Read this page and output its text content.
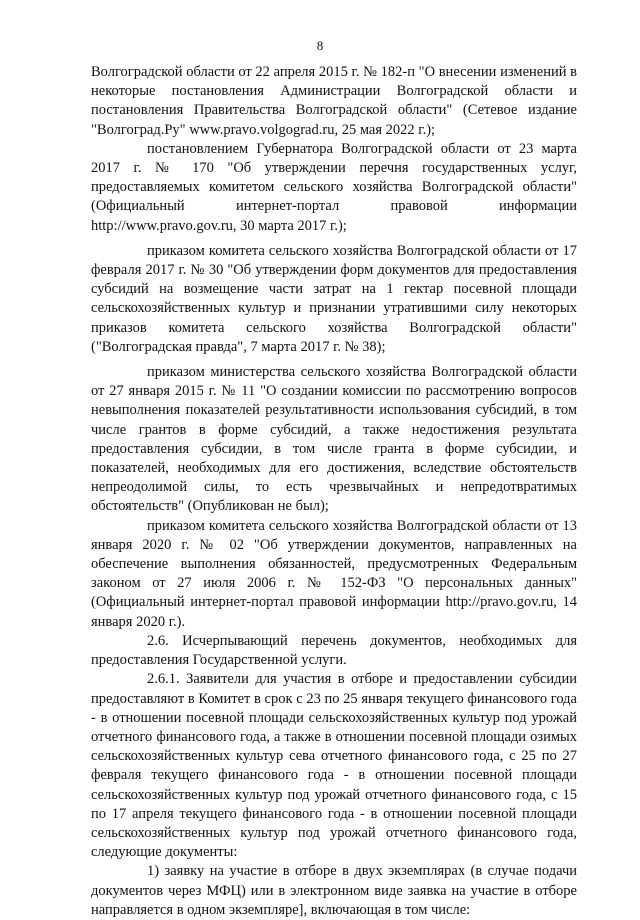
8

Волгоградской области от 22 апреля 2015 г. № 182-п "О внесении изменений в некоторые постановления Администрации Волгоградской области и постановления Правительства Волгоградской области" (Сетевое издание "Волгоград.Ру" www.pravo.volgograd.ru, 25 мая 2022 г.);

постановлением Губернатора Волгоградской области от 23 марта 2017 г. № 170 "Об утверждении перечня государственных услуг, предоставляемых комитетом сельского хозяйства Волгоградской области" (Официальный интернет-портал правовой информации http://www.pravo.gov.ru, 30 марта 2017 г.);

приказом комитета сельского хозяйства Волгоградской области от 17 февраля 2017 г. № 30 "Об утверждении форм документов для предоставления субсидий на возмещение части затрат на 1 гектар посевной площади сельскохозяйственных культур и признании утратившими силу некоторых приказов комитета сельского хозяйства Волгоградской области" ("Волгоградская правда", 7 марта 2017 г. № 38);

приказом министерства сельского хозяйства Волгоградской области от 27 января 2015 г. № 11 "О создании комиссии по рассмотрению вопросов невыполнения показателей результативности использования субсидий, в том числе грантов в форме субсидий, а также недостижения результата предоставления субсидии, в том числе гранта в форме субсидии, и показателей, необходимых для его достижения, вследствие обстоятельств непреодолимой силы, то есть чрезвычайных и непредотвратимых обстоятельств" (Опубликован не был);

приказом комитета сельского хозяйства Волгоградской области от 13 января 2020 г. № 02 "Об утверждении документов, направленных на обеспечение выполнения обязанностей, предусмотренных Федеральным законом от 27 июля 2006 г. № 152-ФЗ "О персональных данных" (Официальный интернет-портал правовой информации http://pravo.gov.ru, 14 января 2020 г.).

2.6. Исчерпывающий перечень документов, необходимых для предоставления Государственной услуги.

2.6.1. Заявители для участия в отборе и предоставлении субсидии предоставляют в Комитет в срок с 23 по 25 января текущего финансового года - в отношении посевной площади сельскохозяйственных культур под урожай отчетного финансового года, а также в отношении посевной площади озимых сельскохозяйственных культур сева отчетного финансового года, с 25 по 27 февраля текущего финансового года - в отношении посевной площади сельскохозяйственных культур под урожай отчетного финансового года, с 15 по 17 апреля текущего финансового года - в отношении посевной площади сельскохозяйственных культур под урожай отчетного финансового года, следующие документы:

1) заявку на участие в отборе в двух экземплярах (в случае подачи документов через МФЦ) или в электронном виде заявка на участие в отборе направляется в одном экземпляре], включающая в том числе:
